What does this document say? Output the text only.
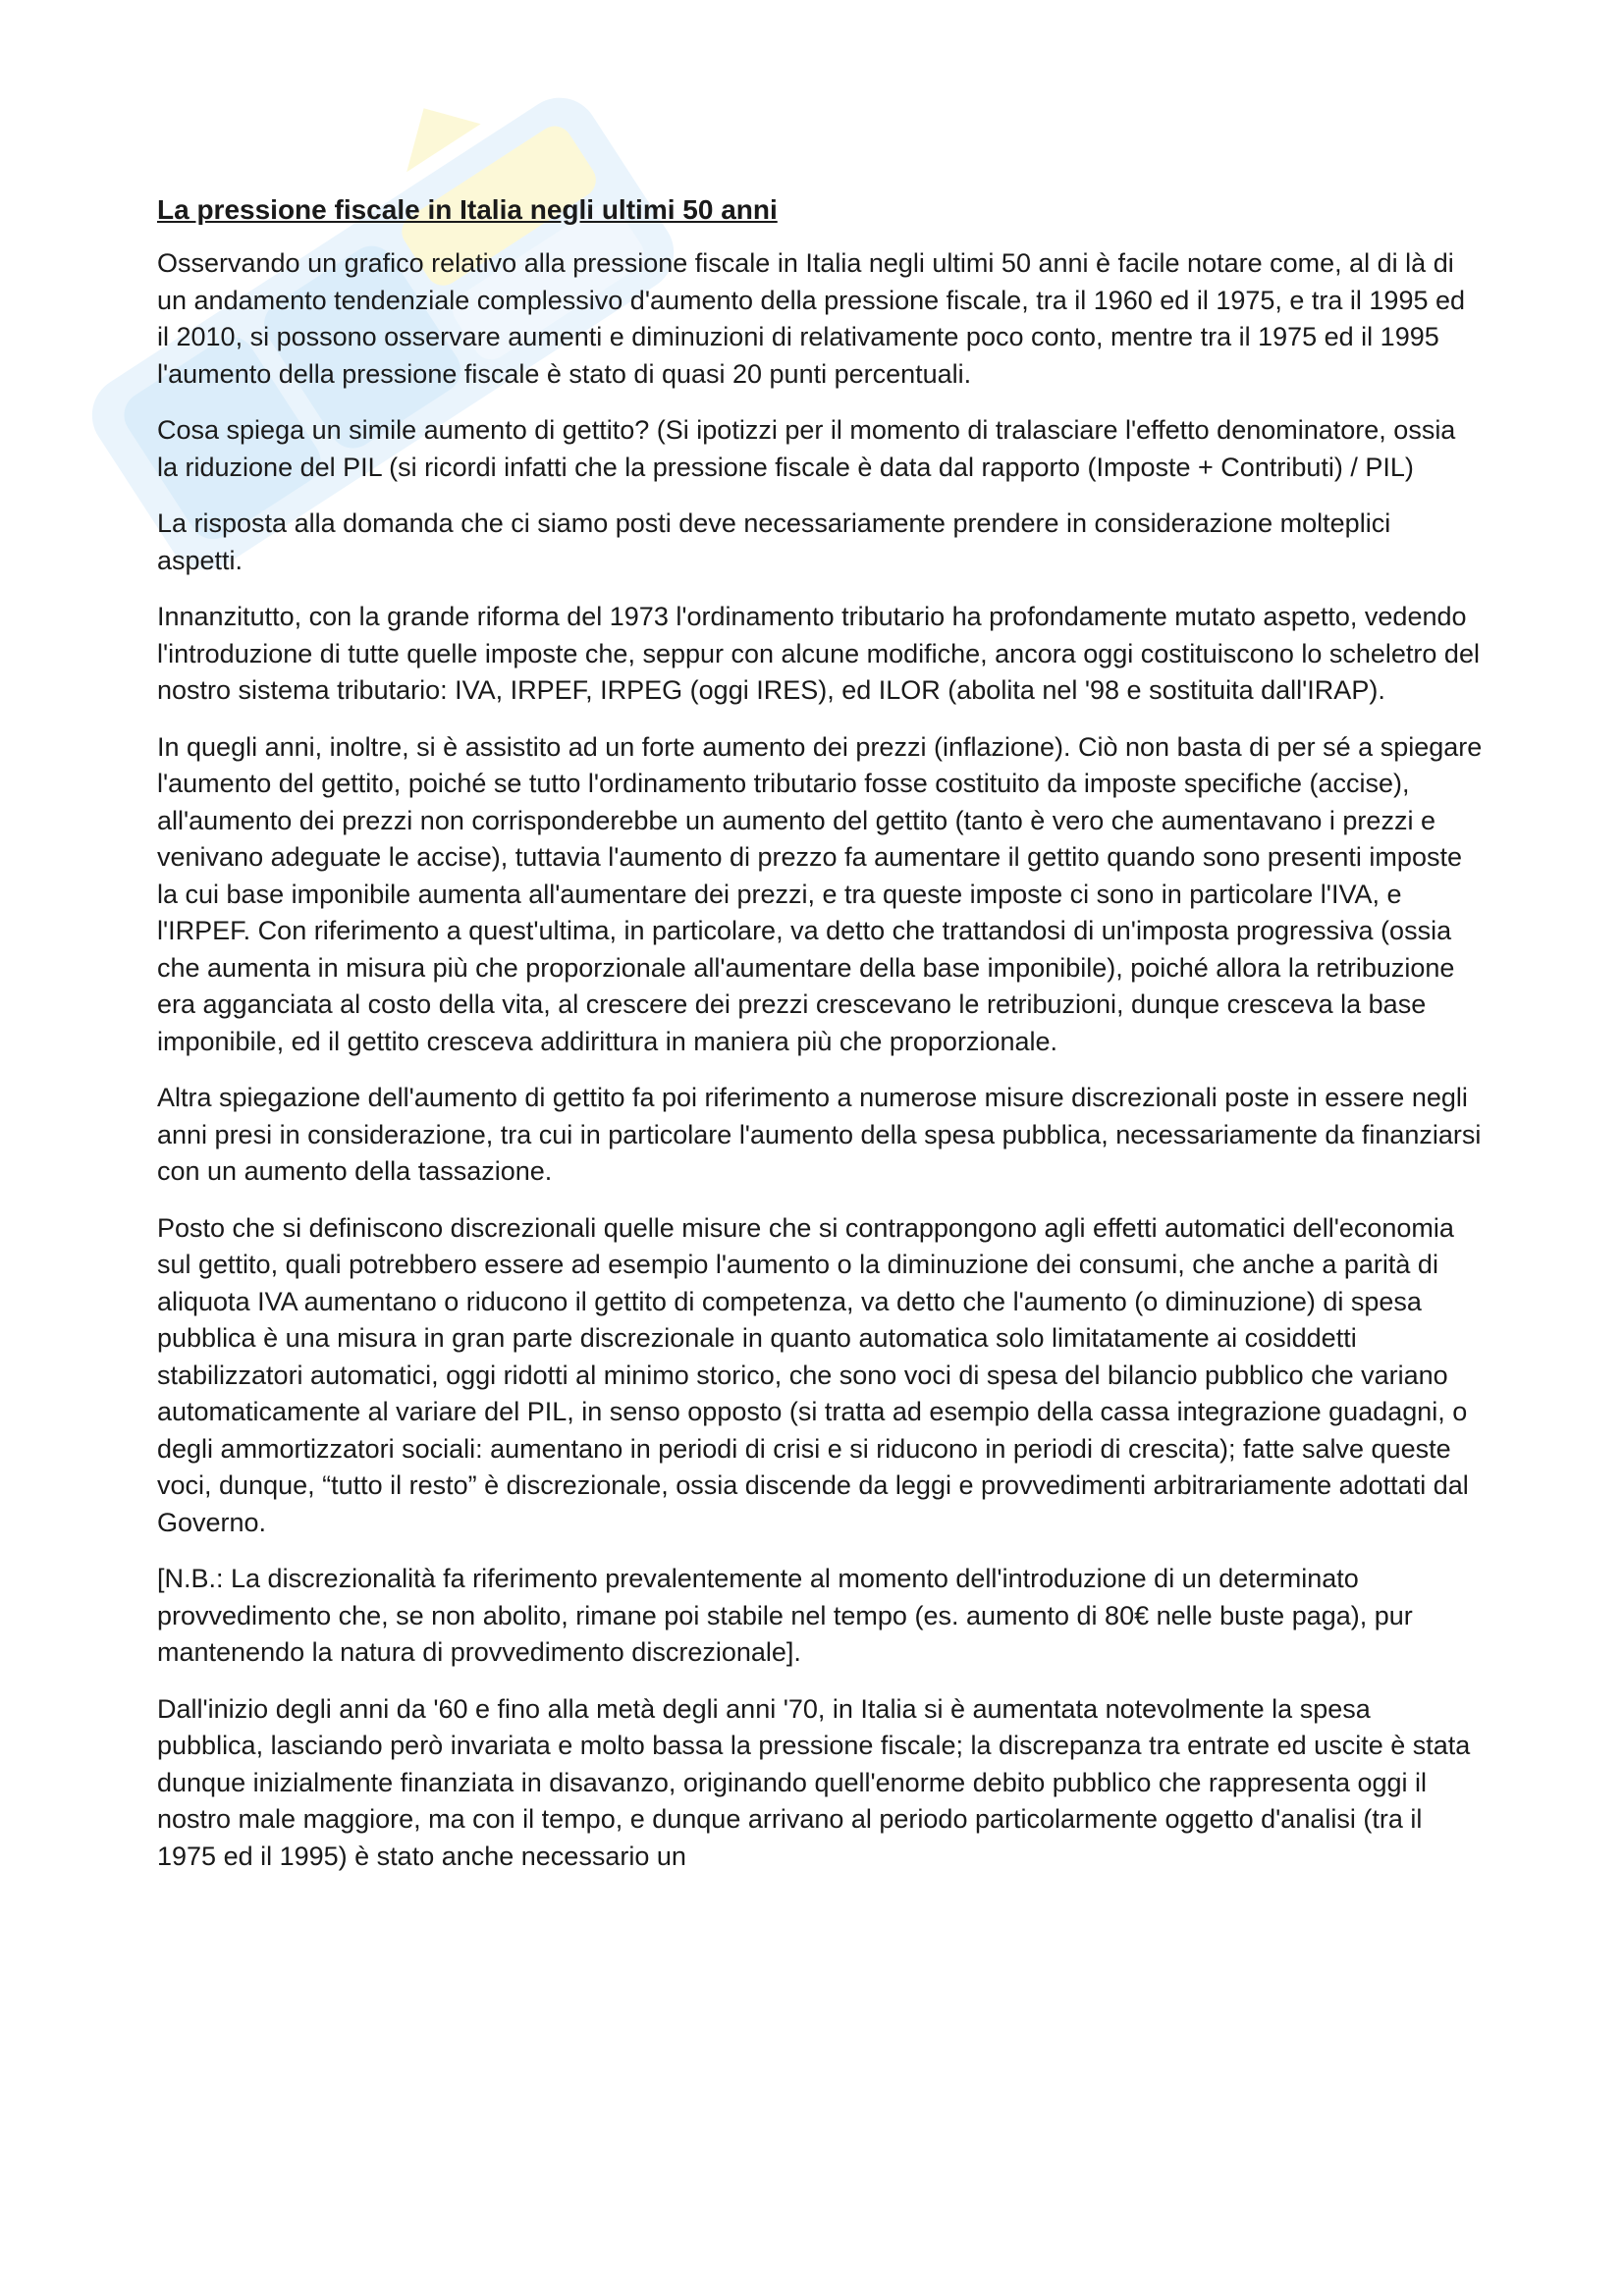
La pressione fiscale in Italia negli ultimi 50 anni

Osservando un grafico relativo alla pressione fiscale in Italia negli ultimi 50 anni è facile notare come, al di là di un andamento tendenziale complessivo d'aumento della pressione fiscale, tra il 1960 ed il 1975, e tra il 1995 ed il 2010, si possono osservare aumenti e diminuzioni di relativamente poco conto, mentre tra il 1975 ed il 1995 l'aumento della pressione fiscale è stato di quasi 20 punti percentuali.

Cosa spiega un simile aumento di gettito? (Si ipotizzi per il momento di tralasciare l'effetto denominatore, ossia la riduzione del PIL (si ricordi infatti che la pressione fiscale è data dal rapporto (Imposte + Contributi) / PIL)

La risposta alla domanda che ci siamo posti deve necessariamente prendere in considerazione molteplici aspetti.

Innanzitutto, con la grande riforma del 1973 l'ordinamento tributario ha profondamente mutato aspetto, vedendo l'introduzione di tutte quelle imposte che, seppur con alcune modifiche, ancora oggi costituiscono lo scheletro del nostro sistema tributario: IVA, IRPEF, IRPEG (oggi IRES), ed ILOR (abolita nel '98 e sostituita dall'IRAP).

In quegli anni, inoltre, si è assistito ad un forte aumento dei prezzi (inflazione). Ciò non basta di per sé a spiegare l'aumento del gettito, poiché se tutto l'ordinamento tributario fosse costituito da imposte specifiche (accise), all'aumento dei prezzi non corrisponderebbe un aumento del gettito (tanto è vero che aumentavano i prezzi e venivano adeguate le accise), tuttavia l'aumento di prezzo fa aumentare il gettito quando sono presenti imposte la cui base imponibile aumenta all'aumentare dei prezzi, e tra queste imposte ci sono in particolare l'IVA, e l'IRPEF. Con riferimento a quest'ultima, in particolare, va detto che trattandosi di un'imposta progressiva (ossia che aumenta in misura più che proporzionale all'aumentare della base imponibile), poiché allora la retribuzione era agganciata al costo della vita, al crescere dei prezzi crescevano le retribuzioni, dunque cresceva la base imponibile, ed il gettito cresceva addirittura in maniera più che proporzionale.

Altra spiegazione dell'aumento di gettito fa poi riferimento a numerose misure discrezionali poste in essere negli anni presi in considerazione, tra cui in particolare l'aumento della spesa pubblica, necessariamente da finanziarsi con un aumento della tassazione.

Posto che si definiscono discrezionali quelle misure che si contrappongono agli effetti automatici dell'economia sul gettito, quali potrebbero essere ad esempio l'aumento o la diminuzione dei consumi, che anche a parità di aliquota IVA aumentano o riducono il gettito di competenza, va detto che l'aumento (o diminuzione) di spesa pubblica è una misura in gran parte discrezionale in quanto automatica solo limitatamente ai cosiddetti stabilizzatori automatici, oggi ridotti al minimo storico, che sono voci di spesa del bilancio pubblico che variano automaticamente al variare del PIL, in senso opposto (si tratta ad esempio della cassa integrazione guadagni, o degli ammortizzatori sociali: aumentano in periodi di crisi e si riducono in periodi di crescita); fatte salve queste voci, dunque, “tutto il resto” è discrezionale, ossia discende da leggi e provvedimenti arbitrariamente adottati dal Governo.

[N.B.: La discrezionalità fa riferimento prevalentemente al momento dell'introduzione di un determinato provvedimento che, se non abolito, rimane poi stabile nel tempo (es. aumento di 80€ nelle buste paga), pur mantenendo la natura di provvedimento discrezionale].

Dall'inizio degli anni da '60 e fino alla metà degli anni '70, in Italia si è aumentata notevolmente la spesa pubblica, lasciando però invariata e molto bassa la pressione fiscale; la discrepanza tra entrate ed uscite è stata dunque inizialmente finanziata in disavanzo, originando quell'enorme debito pubblico che rappresenta oggi il nostro male maggiore, ma con il tempo, e dunque arrivano al periodo particolarmente oggetto d'analisi (tra il 1975 ed il 1995) è stato anche necessario un
